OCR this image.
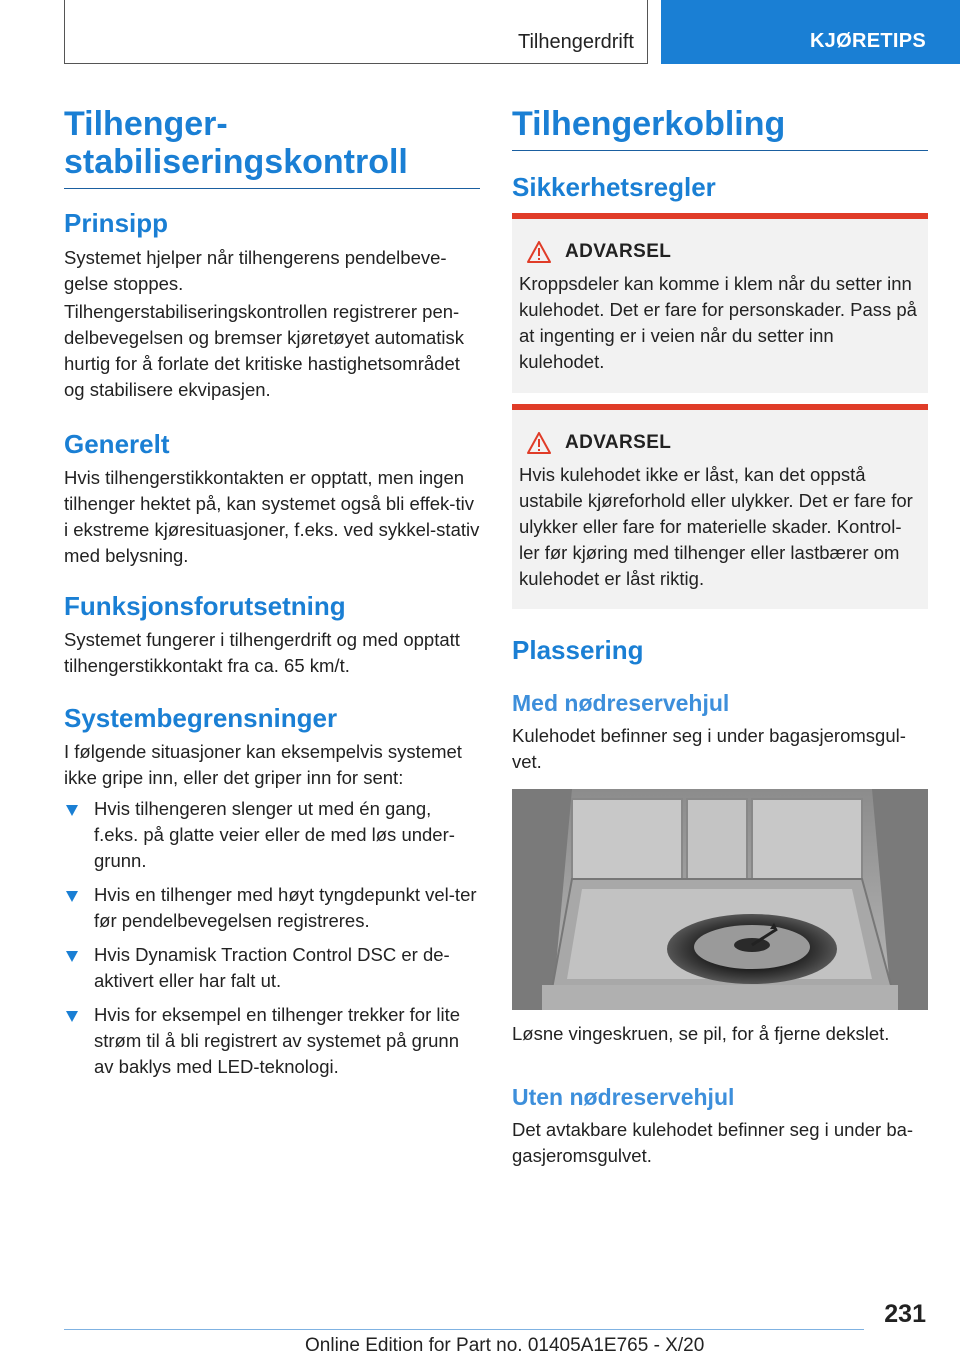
Tilhengerdrift	KJØRETIPS
Tilhenger‐
stabiliseringskontroll
Prinsipp

Systemet hjelper når tilhengerens pendelbeve‐gelse stoppes.

Tilhengerstabiliseringskontrollen registrerer pen‐delbevegelsen og bremser kjøretøyet automatisk hurtig for å forlate det kritiske hastighetsområdet og stabilisere ekvipasjen.

Generelt

Hvis tilhengerstikkontakten er opptatt, men ingen tilhenger hektet på, kan systemet også bli effek‐tiv i ekstreme kjøresituasjoner, f.eks. ved sykkel‐stativ med belysning.

Funksjonsforutsetning

Systemet fungerer i tilhengerdrift og med opptatt tilhengerstikkontakt fra ca. 65 km/t.

Systembegrensninger

I følgende situasjoner kan eksempelvis systemet ikke gripe inn, eller det griper inn for sent:

Hvis tilhengeren slenger ut med én gang, f.eks. på glatte veier eller de med løs under‐grunn.
Hvis en tilhenger med høyt tyngdepunkt vel‐ter før pendelbevegelsen registreres.
Hvis Dynamisk Traction Control DSC er de‐aktivert eller har falt ut.
Hvis for eksempel en tilhenger trekker for lite strøm til å bli registrert av systemet på grunn av baklys med LED-teknologi.
Tilhengerkobling
Sikkerhetsregler
ADVARSEL
Kroppsdeler kan komme i klem når du setter inn kulehodet. Det er fare for personskader. Pass på at ingenting er i veien når du setter inn kulehodet.
ADVARSEL
Hvis kulehodet ikke er låst, kan det oppstå ustabile kjøreforhold eller ulykker. Det er fare for ulykker eller fare for materielle skader. Kontrol‐ler før kjøring med tilhenger eller lastbærer om kulehodet er låst riktig.
Plassering
Med nødreservehjul

Kulehodet befinner seg i under bagasjeromsgul‐vet.

Løsne vingeskruen, se pil, for å fjerne dekslet.

Uten nødreservehjul

Det avtakbare kulehodet befinner seg i under ba‐gasjeromsgulvet.

231
Online Edition for Part no. 01405A1E765 - X/20
